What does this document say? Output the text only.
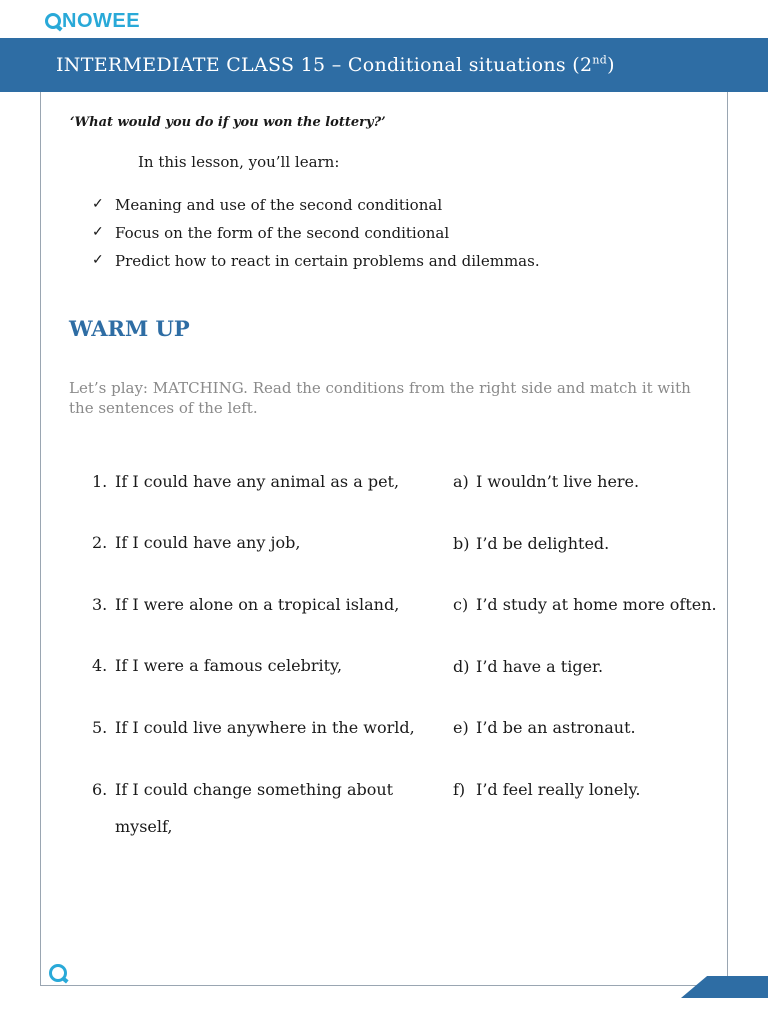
NOWEE
INTERMEDIATE CLASS 15 – Conditional situations (2nd)
‘What would you do if you won the lottery?’
In this lesson, you’ll learn:
✓ Meaning and use of the second conditional
✓ Focus on the form of the second conditional
✓ Predict how to react in certain problems and dilemmas.
WARM UP
Let’s play: MATCHING. Read the conditions from the right side and match it with the sentences of the left.
1. If I could have any animal as a pet,
2. If I could have any job,
3. If I were alone on a tropical island,
4. If I were a famous celebrity,
5. If I could live anywhere in the world,
6. If I could change something about myself,
a) I wouldn’t live here.
b) I’d be delighted.
c) I’d study at home more often.
d) I’d have a tiger.
e) I’d be an astronaut.
f) I’d feel really lonely.
